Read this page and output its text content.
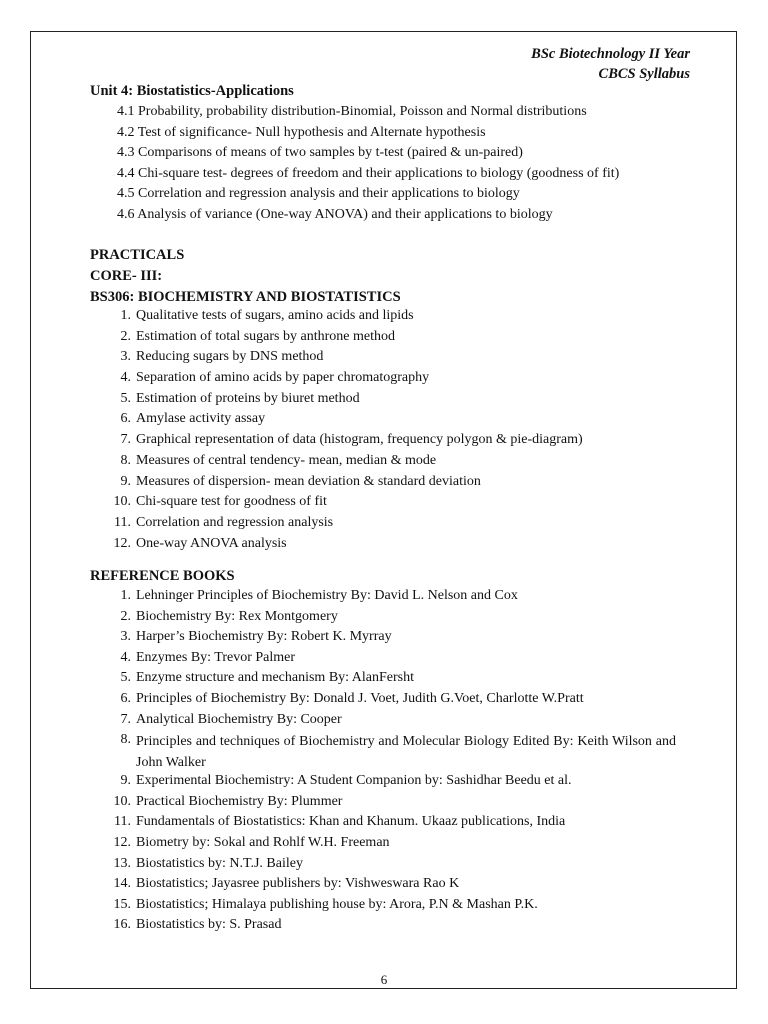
BSc Biotechnology II Year
CBCS Syllabus
Unit 4: Biostatistics-Applications
4.1 Probability, probability distribution-Binomial, Poisson and Normal distributions
4.2 Test of significance- Null hypothesis and Alternate hypothesis
4.3 Comparisons of means of two samples by t-test (paired & un-paired)
4.4 Chi-square test- degrees of freedom and their applications to biology (goodness of fit)
4.5 Correlation and regression analysis and their applications to biology
4.6 Analysis of variance (One-way ANOVA) and their applications to biology
PRACTICALS
CORE- III:
BS306: BIOCHEMISTRY AND BIOSTATISTICS
1. Qualitative tests of sugars, amino acids and lipids
2. Estimation of total sugars by anthrone method
3. Reducing sugars by DNS method
4. Separation of amino acids by paper chromatography
5. Estimation of proteins by biuret method
6. Amylase activity assay
7. Graphical representation of data (histogram, frequency polygon & pie-diagram)
8. Measures of central tendency- mean, median & mode
9. Measures of dispersion- mean deviation & standard deviation
10. Chi-square test for goodness of fit
11. Correlation and regression analysis
12. One-way ANOVA analysis
REFERENCE BOOKS
1. Lehninger Principles of Biochemistry By: David L. Nelson and Cox
2. Biochemistry By: Rex Montgomery
3. Harper’s Biochemistry By: Robert K. Myrray
4. Enzymes By: Trevor Palmer
5. Enzyme structure and mechanism By: AlanFersht
6. Principles of Biochemistry By: Donald J. Voet, Judith G.Voet, Charlotte W.Pratt
7. Analytical Biochemistry By: Cooper
8. Principles and techniques of Biochemistry and Molecular Biology Edited By: Keith Wilson and John Walker
9. Experimental Biochemistry: A Student Companion by: Sashidhar Beedu et al.
10. Practical Biochemistry By: Plummer
11. Fundamentals of Biostatistics: Khan and Khanum. Ukaaz publications, India
12. Biometry by: Sokal and Rohlf W.H. Freeman
13. Biostatistics by: N.T.J. Bailey
14. Biostatistics; Jayasree publishers by: Vishweswara Rao K
15. Biostatistics; Himalaya publishing house by: Arora, P.N & Mashan P.K.
16. Biostatistics by: S. Prasad
6
